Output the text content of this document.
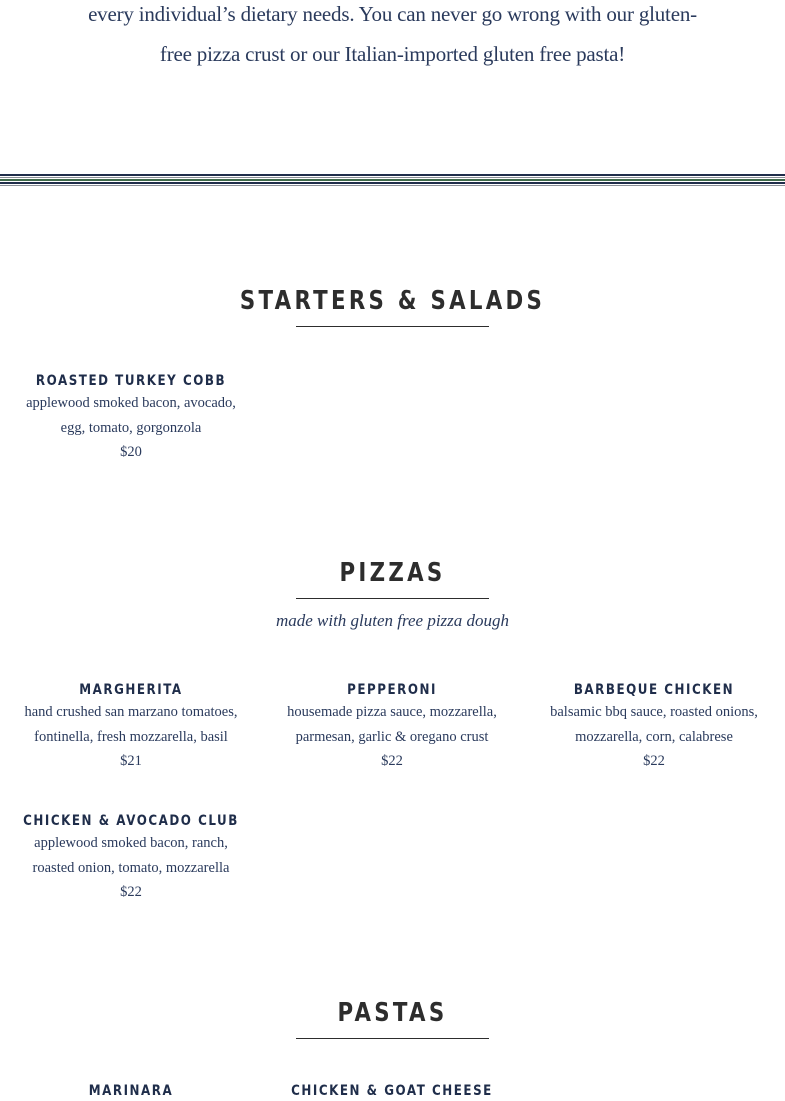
every individual’s dietary needs. You can never go wrong with our gluten-

free pizza crust or our Italian-imported gluten free pasta!

STARTERS & SALADS
ROASTED TURKEY COBB
applewood smoked bacon, avocado,
egg, tomato, gorgonzola
$20
PIZZAS
made with gluten free pizza dough
MARGHERITA
hand crushed san marzano tomatoes,
fontinella, fresh mozzarella, basil
$21
PEPPERONI
housemade pizza sauce, mozzarella,
parmesan, garlic & oregano crust
$22
BARBEQUE CHICKEN
balsamic bbq sauce, roasted onions,
mozzarella, corn, calabrese
$22
CHICKEN & AVOCADO CLUB
applewood smoked bacon, ranch,
roasted onion, tomato, mozzarella
$22
PASTAS
MARINARA	CHICKEN & GOAT CHEESE
